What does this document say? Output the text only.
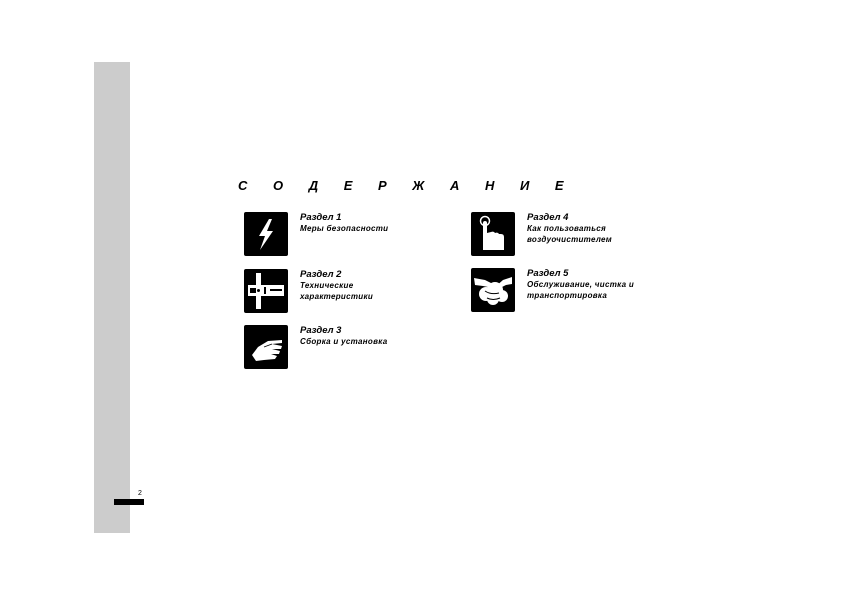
С О Д Е Р Ж А Н И Е
Раздел 1
Меры безопасности
Раздел 2
Технические
характеристики
Раздел 3
Сборка и установка
Раздел 4
Как пользоваться
воздуочистителем
Раздел 5
Обслуживание, чистка и
транспортировка
2
